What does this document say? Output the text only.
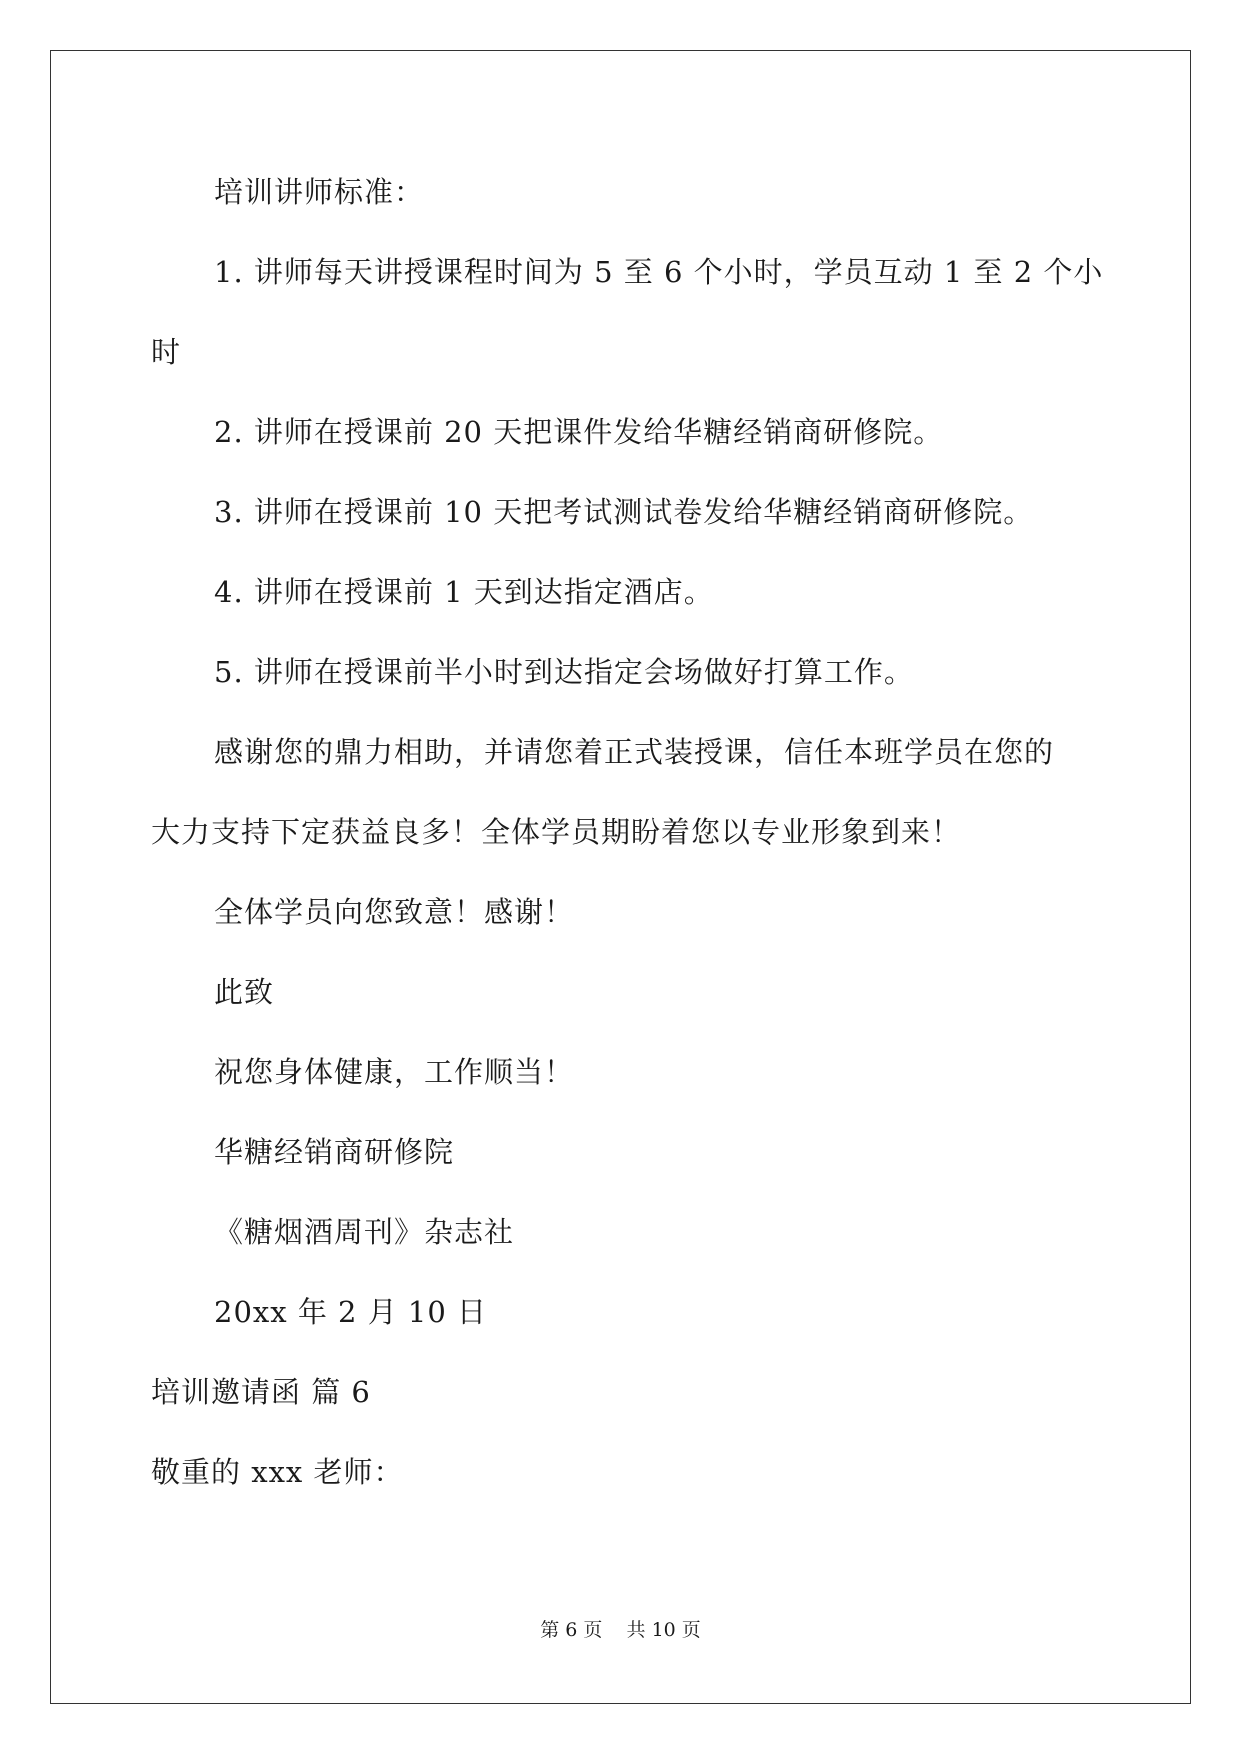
培训讲师标准：
1. 讲师每天讲授课程时间为 5 至 6 个小时，学员互动 1 至 2 个小
时
2. 讲师在授课前 20 天把课件发给华糖经销商研修院。
3. 讲师在授课前 10 天把考试测试卷发给华糖经销商研修院。
4. 讲师在授课前 1 天到达指定酒店。
5. 讲师在授课前半小时到达指定会场做好打算工作。
感谢您的鼎力相助，并请您着正式装授课，信任本班学员在您的
大力支持下定获益良多！全体学员期盼着您以专业形象到来！
全体学员向您致意！感谢！
此致
祝您身体健康，工作顺当！
华糖经销商研修院
《糖烟酒周刊》杂志社
20xx 年 2 月 10 日
培训邀请函 篇 6
敬重的 xxx 老师：
第 6 页    共 10 页
